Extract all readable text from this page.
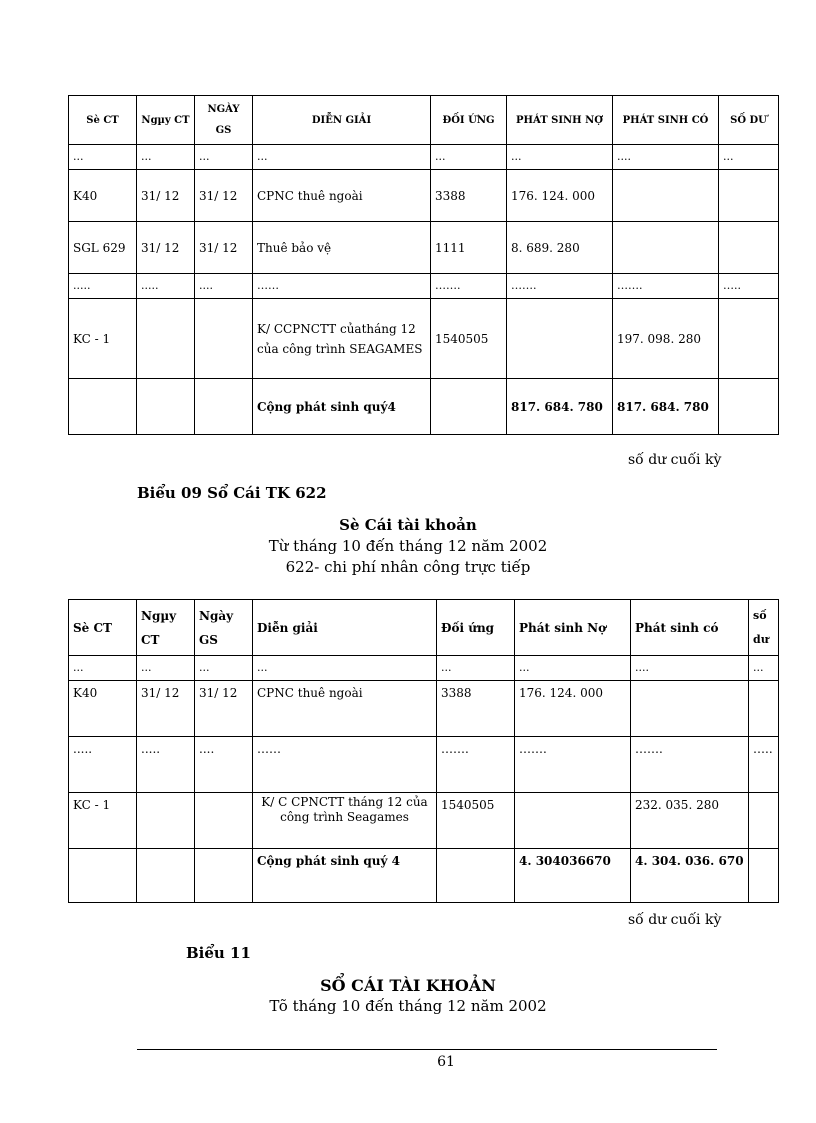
Sè CT	Ngµy CT	NGÀY GS	DIỄN GIẢI	ĐỐI ỨNG	PHÁT SINH NỢ	PHÁT SINH CÓ	SỐ DƯ
...	...	...	...	...	...	....	...
K40	31/ 12	31/ 12	CPNC thuê ngoài	3388	176. 124. 000		
SGL 629	31/ 12	31/ 12	Thuê bảo vệ	1111	8. 689. 280		
.....	.....	....	……	…….	…….	…….	…..
KC - 1			K/ CCPNCTT củatháng 12 của công trình SEAGAMES	1540505		197. 098. 280	
			Cộng phát sinh quý4		817. 684. 780	817. 684. 780	
số dư cuối kỳ
Biểu 09 Sổ Cái TK 622
Sè Cái tài khoản
Từ tháng 10 đến tháng 12 năm 2002
622- chi phí nhân công trực tiếp
Sè CT	Ngµy CT	Ngày GS	Diễn giải	Đối ứng	Phát sinh Nợ	Phát sinh có	số dư
...	...	...	...	...	...	....	...
K40	31/ 12	31/ 12	CPNC thuê ngoài	3388	176. 124. 000		
.....	.....	....	……	…….	…….	…….	…..
KC - 1			K/ C CPNCTT tháng 12 của công trình Seagames	1540505		232. 035. 280	
			Cộng phát sinh quý 4		4. 304036670	4. 304. 036. 670	
số dư cuối kỳ
Biểu 11
SỔ CÁI TÀI KHOẢN
Tõ tháng 10 đến tháng 12 năm 2002
61
